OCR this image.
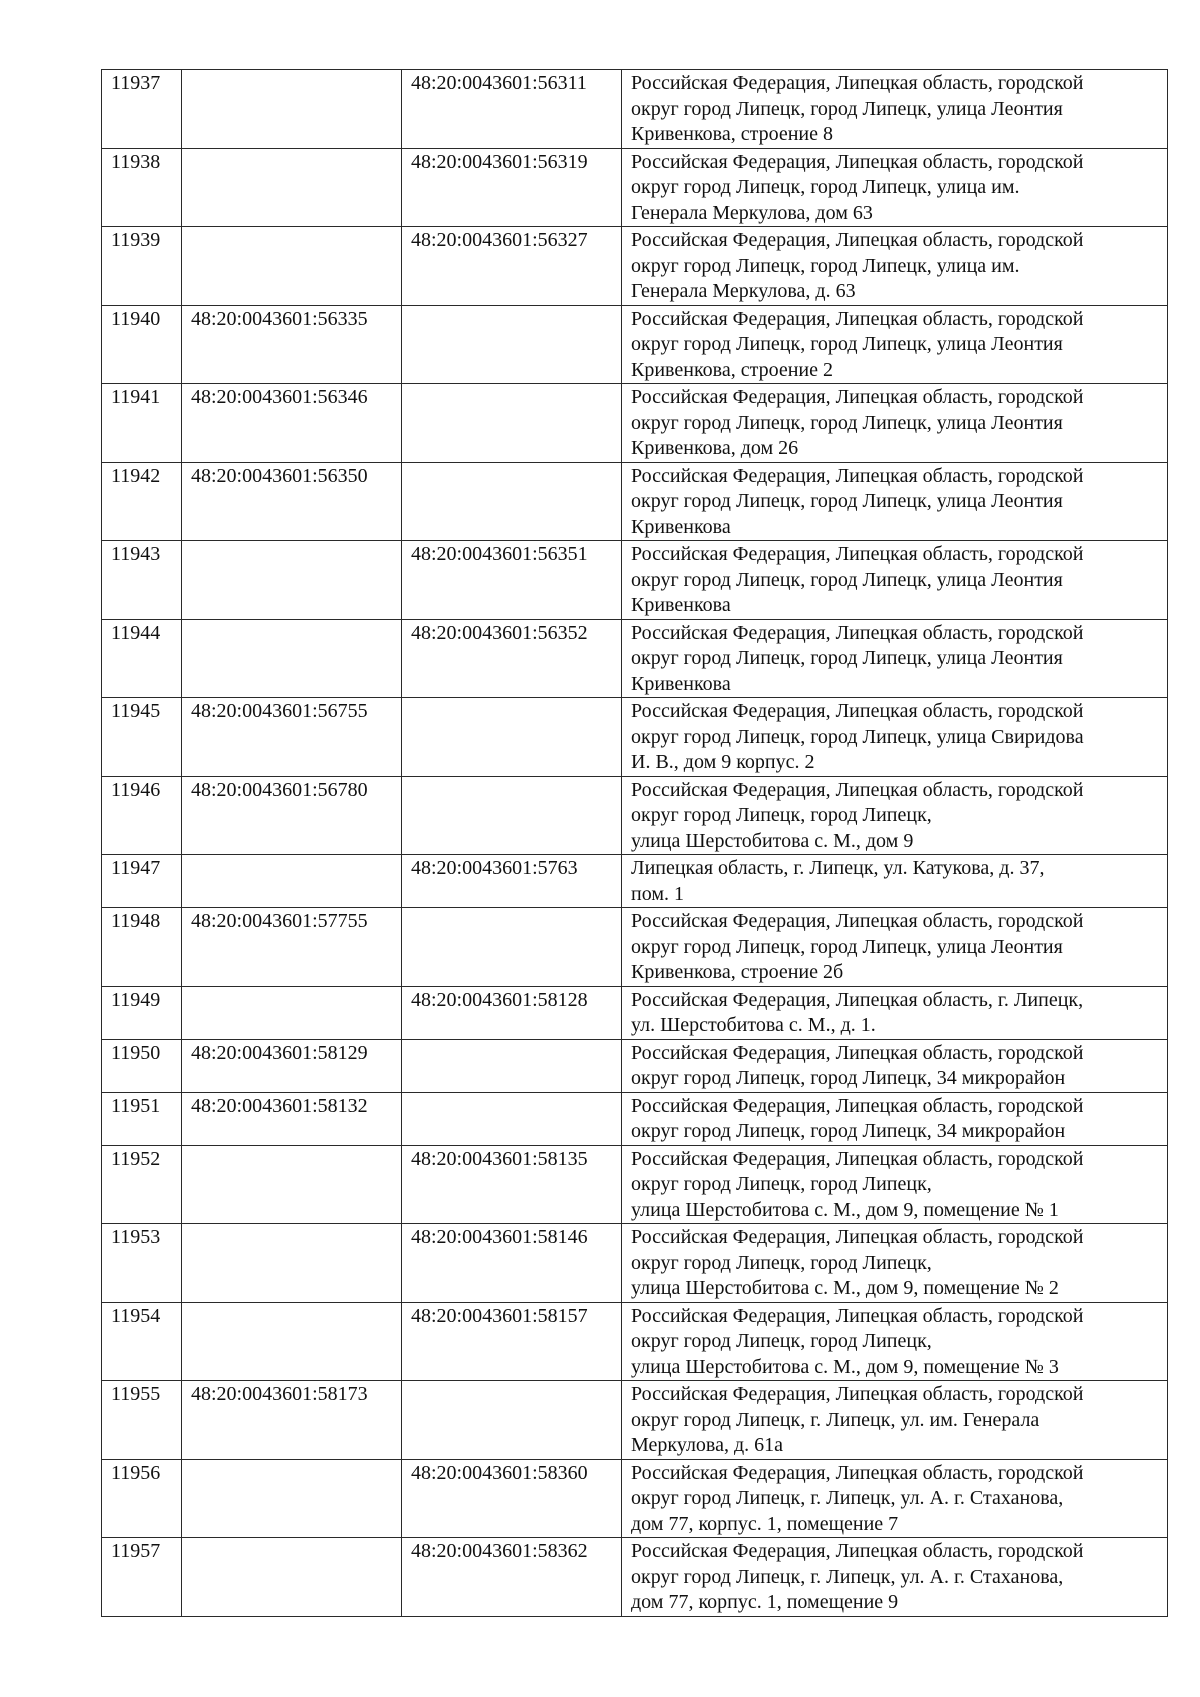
11937		48:20:0043601:56311	Российская Федерация, Липецкая область, городской
округ город Липецк, город Липецк, улица Леонтия
Кривенкова, строение 8

11938		48:20:0043601:56319	Российская Федерация, Липецкая область, городской
округ город Липецк, город Липецк, улица им.
Генерала Меркулова, дом 63

11939		48:20:0043601:56327	Российская Федерация, Липецкая область, городской
округ город Липецк, город Липецк, улица им.
Генерала Меркулова, д. 63

11940	48:20:0043601:56335		Российская Федерация, Липецкая область, городской
округ город Липецк, город Липецк, улица Леонтия
Кривенкова, строение 2

11941	48:20:0043601:56346		Российская Федерация, Липецкая область, городской
округ город Липецк, город Липецк, улица Леонтия
Кривенкова, дом 26

11942	48:20:0043601:56350		Российская Федерация, Липецкая область, городской
округ город Липецк, город Липецк, улица Леонтия
Кривенкова

11943		48:20:0043601:56351	Российская Федерация, Липецкая область, городской
округ город Липецк, город Липецк, улица Леонтия
Кривенкова

11944		48:20:0043601:56352	Российская Федерация, Липецкая область, городской
округ город Липецк, город Липецк, улица Леонтия
Кривенкова

11945	48:20:0043601:56755		Российская Федерация, Липецкая область, городской
округ город Липецк, город Липецк, улица Свиридова
И. В., дом 9 корпус. 2

11946	48:20:0043601:56780		Российская Федерация, Липецкая область, городской
округ город Липецк, город Липецк,
улица Шерстобитова с. М., дом 9

11947		48:20:0043601:5763	Липецкая область, г. Липецк, ул. Катукова, д. 37,
пом. 1

11948	48:20:0043601:57755		Российская Федерация, Липецкая область, городской
округ город Липецк, город Липецк, улица Леонтия
Кривенкова, строение 2б

11949		48:20:0043601:58128	Российская Федерация, Липецкая область, г. Липецк,
ул. Шерстобитова с. М., д. 1.

11950	48:20:0043601:58129		Российская Федерация, Липецкая область, городской
округ город Липецк, город Липецк, 34 микрорайон

11951	48:20:0043601:58132		Российская Федерация, Липецкая область, городской
округ город Липецк, город Липецк, 34 микрорайон

11952		48:20:0043601:58135	Российская Федерация, Липецкая область, городской
округ город Липецк, город Липецк,
улица Шерстобитова с. М., дом 9, помещение № 1

11953		48:20:0043601:58146	Российская Федерация, Липецкая область, городской
округ город Липецк, город Липецк,
улица Шерстобитова с. М., дом 9, помещение № 2

11954		48:20:0043601:58157	Российская Федерация, Липецкая область, городской
округ город Липецк, город Липецк,
улица Шерстобитова с. М., дом 9, помещение № 3

11955	48:20:0043601:58173		Российская Федерация, Липецкая область, городской
округ город Липецк, г. Липецк, ул. им. Генерала
Меркулова, д. 61а

11956		48:20:0043601:58360	Российская Федерация, Липецкая область, городской
округ город Липецк, г. Липецк, ул. А. г. Стаханова,
дом 77, корпус. 1, помещение 7

11957		48:20:0043601:58362	Российская Федерация, Липецкая область, городской
округ город Липецк, г. Липецк, ул. А. г. Стаханова,
дом 77, корпус. 1, помещение 9
